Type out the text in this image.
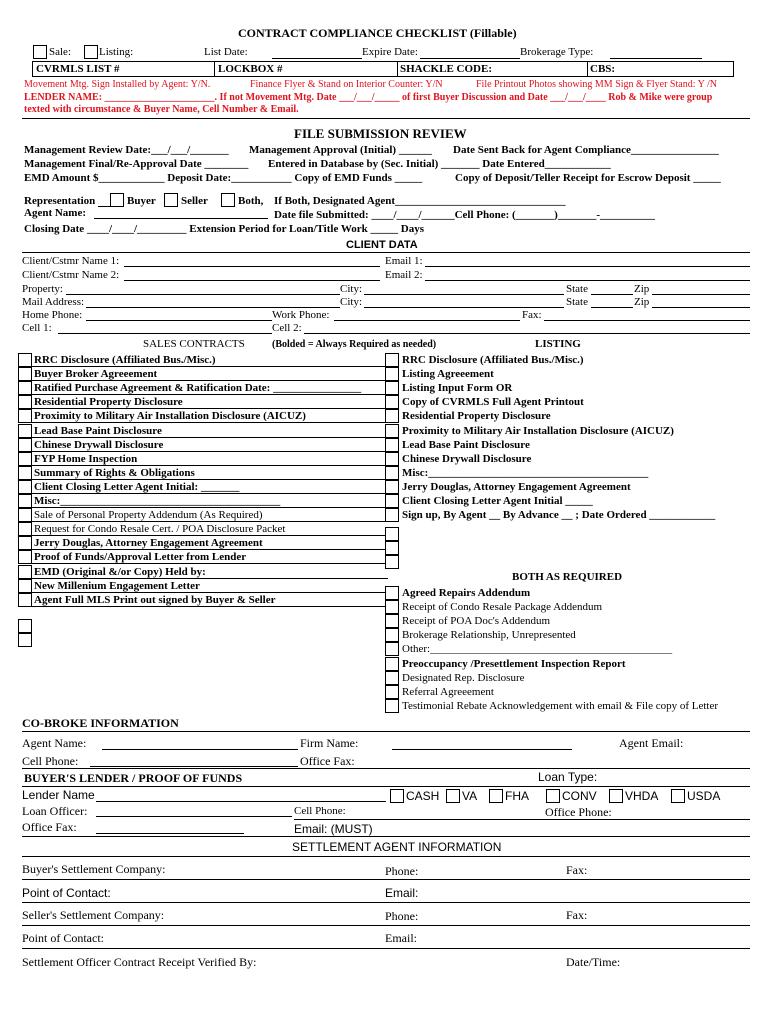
CONTRACT COMPLIANCE CHECKLIST (Fillable)
Sale:	Listing:	List Date:	Expire Date:	Brokerage Type:
CVRMLS LIST #	LOCKBOX #	SHACKLE CODE:	CBS:
Movement Mtg. Sign Installed by Agent: Y/N.	Finance Flyer & Stand on Interior Counter: Y/N	File Printout Photos showing MM Sign & Flyer Stand: Y /N
LENDER NAME: ______________________. If not Movement Mtg. Date ___/___/_____ of first Buyer Discussion and Date ___/___/____ Rob & Mike were group
texted with circumstance & Buyer Name, Cell Number & Email.
FILE SUBMISSION REVIEW
Management Review Date:___/___/_______ Management Approval (Initial) ______ Date Sent Back for Agent Compliance________________
Management Final/Re-Approval Date ________ Entered in Database by (Sec. Initial) _______ Date Entered____________
EMD Amount $____________ Deposit Date:___________ Copy of EMD Funds _____	Copy of Deposit/Teller Receipt for Escrow Deposit _____
Representation	Buyer Seller	Both, If Both, Designated Agent_______________________________
Agent Name:	Date file Submitted: ____/____/______Cell Phone: (_______)_______-__________
Closing Date ____/____/_________ Extension Period for Loan/Title Work _____ Days
CLIENT DATA
Client/Cstmr Name 1:	Email 1:
Client/Cstmr Name 2:	Email 2:
Property:	City:	State	Zip
Mail Address:	City:	State	Zip
Home Phone:	Work Phone:	Fax:
Cell 1:	Cell 2:
SALES CONTRACTS	(Bolded = Always Required as needed)	LISTING
RRC Disclosure (Affiliated Bus./Misc.)
Buyer Broker Agreeement
Ratified Purchase Agreement & Ratification Date: ________________
Residential Property Disclosure
Proximity to Military Air Installation Disclosure (AICUZ)
Lead Base Paint Disclosure
Chinese Drywall Disclosure
FYP Home Inspection
Summary of Rights & Obligations
Client Closing Letter Agent Initial: _______
Misc:________________________________________
Sale of Personal Property Addendum (As Required)
Request for Condo Resale Cert. / POA Disclosure Packet
Jerry Douglas, Attorney Engagement Agreement
Proof of Funds/Approval Letter from Lender
EMD (Original &/or Copy) Held by:
New Millenium Engagement Letter
Agent Full MLS Print out signed by Buyer & Seller
RRC Disclosure (Affiliated Bus./Misc.)
Listing Agreeement
Listing Input Form OR
Copy of CVRMLS Full Agent Printout
Residential Property Disclosure
Proximity to Military Air Installation Disclosure (AICUZ)
Lead Base Paint Disclosure
Chinese Drywall Disclosure
Misc:________________________________________
Jerry Douglas, Attorney Engagement Agreement
Client Closing Letter Agent Initial _____
Sign up, By Agent __ By Advance __ ; Date Ordered ____________
BOTH AS REQUIRED
Agreed Repairs Addendum
Receipt of Condo Resale Package Addendum
Receipt of POA Doc's Addendum
Brokerage Relationship, Unrepresented
Other:____________________________________________
Preoccupancy /Presettlement Inspection Report
Designated Rep. Disclosure
Referral Agreeement
Testimonial Rebate Acknowledgement with email & File copy of Letter
CO-BROKE INFORMATION
Agent Name:	Firm Name:	Agent Email:
Cell Phone:	Office Fax:
BUYER'S LENDER / PROOF OF FUNDS	Loan Type:
Lender Name	CASH VA FHA	CONV VHDA USDA
Loan Officer:	Cell Phone:	Office Phone:
Office Fax:	Email: (MUST)
SETTLEMENT AGENT INFORMATION
Buyer's Settlement Company:	Phone:	Fax:
Point of Contact:	Email:
Seller's Settlement Company:	Phone:	Fax:
Point of Contact:	Email:
Settlement Officer Contract Receipt Verified By:	Date/Time:
